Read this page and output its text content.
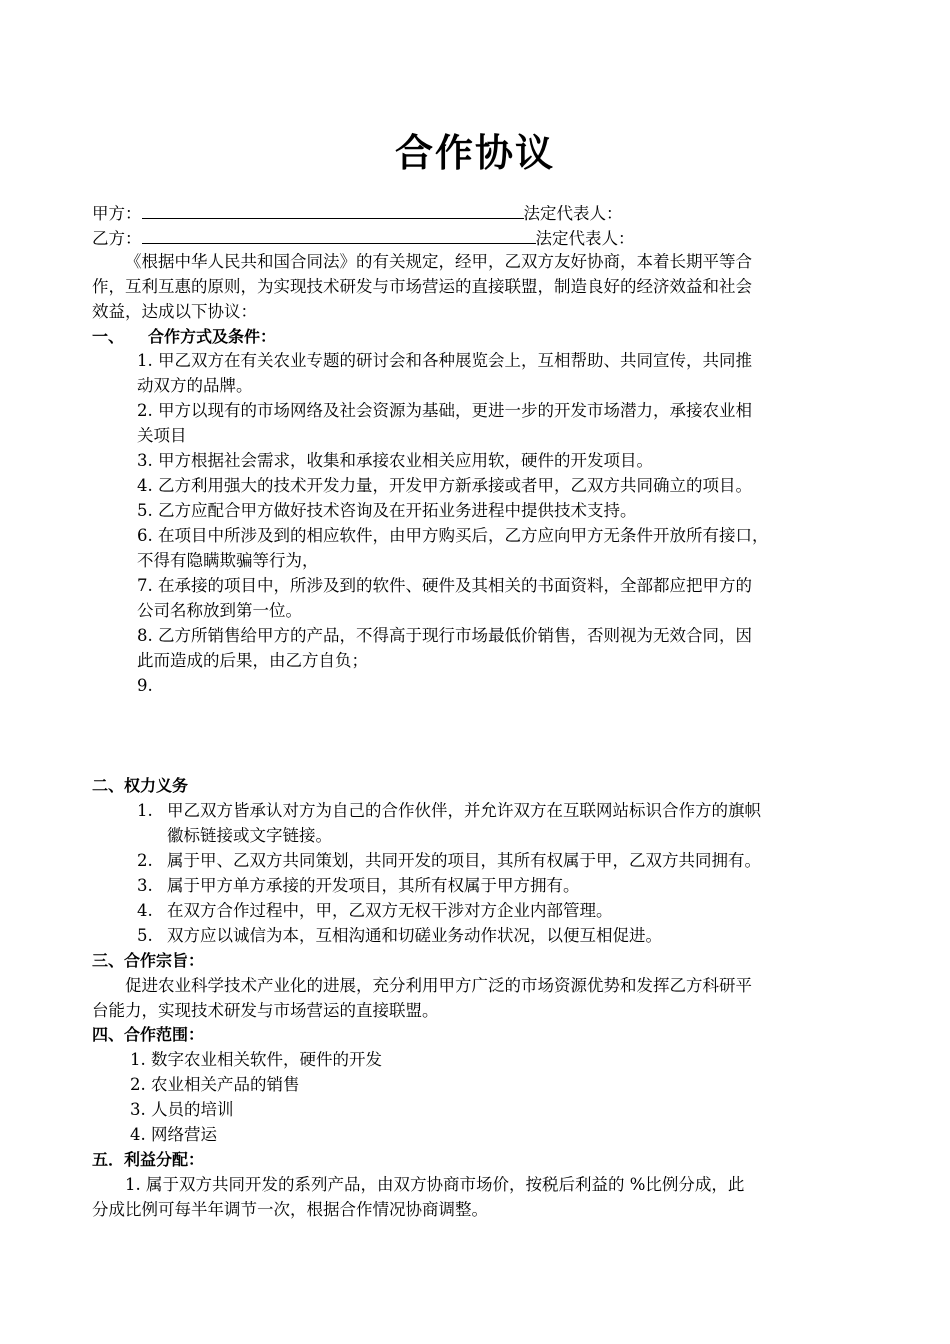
合作协议
甲方：	法定代表人：
乙方：	法定代表人：
《根据中华人民共和国合同法》的有关规定，经甲，乙双方友好协商，本着长期平等合
作，互利互惠的原则，为实现技术研发与市场营运的直接联盟，制造良好的经济效益和社会
效益，达成以下协议：
一、 合作方式及条件：
1. 甲乙双方在有关农业专题的研讨会和各种展览会上，互相帮助、共同宣传，共同推
动双方的品牌。
2. 甲方以现有的市场网络及社会资源为基础，更进一步的开发市场潜力，承接农业相
关项目
3. 甲方根据社会需求，收集和承接农业相关应用软，硬件的开发项目。
4. 乙方利用强大的技术开发力量，开发甲方新承接或者甲，乙双方共同确立的项目。
5. 乙方应配合甲方做好技术咨询及在开拓业务进程中提供技术支持。
6. 在项目中所涉及到的相应软件，由甲方购买后，乙方应向甲方无条件开放所有接口，
不得有隐瞒欺骗等行为，
7. 在承接的项目中，所涉及到的软件、硬件及其相关的书面资料，全部都应把甲方的
公司名称放到第一位。
8. 乙方所销售给甲方的产品，不得高于现行市场最低价销售，否则视为无效合同，因
此而造成的后果，由乙方自负；
9.
二、权力义务
1. 甲乙双方皆承认对方为自己的合作伙伴，并允许双方在互联网站标识合作方的旗帜
徽标链接或文字链接。
2. 属于甲、乙双方共同策划，共同开发的项目，其所有权属于甲，乙双方共同拥有。
3. 属于甲方单方承接的开发项目，其所有权属于甲方拥有。
4. 在双方合作过程中，甲，乙双方无权干涉对方企业内部管理。
5. 双方应以诚信为本，互相沟通和切磋业务动作状况，以便互相促进。
三、合作宗旨：
促进农业科学技术产业化的进展，充分利用甲方广泛的市场资源优势和发挥乙方科研平
台能力，实现技术研发与市场营运的直接联盟。
四、合作范围：
1. 数字农业相关软件，硬件的开发
2. 农业相关产品的销售
3. 人员的培训
4. 网络营运
五．利益分配：
1. 属于双方共同开发的系列产品，由双方协商市场价，按税后利益的 %比例分成，此
分成比例可每半年调节一次，根据合作情况协商调整。
